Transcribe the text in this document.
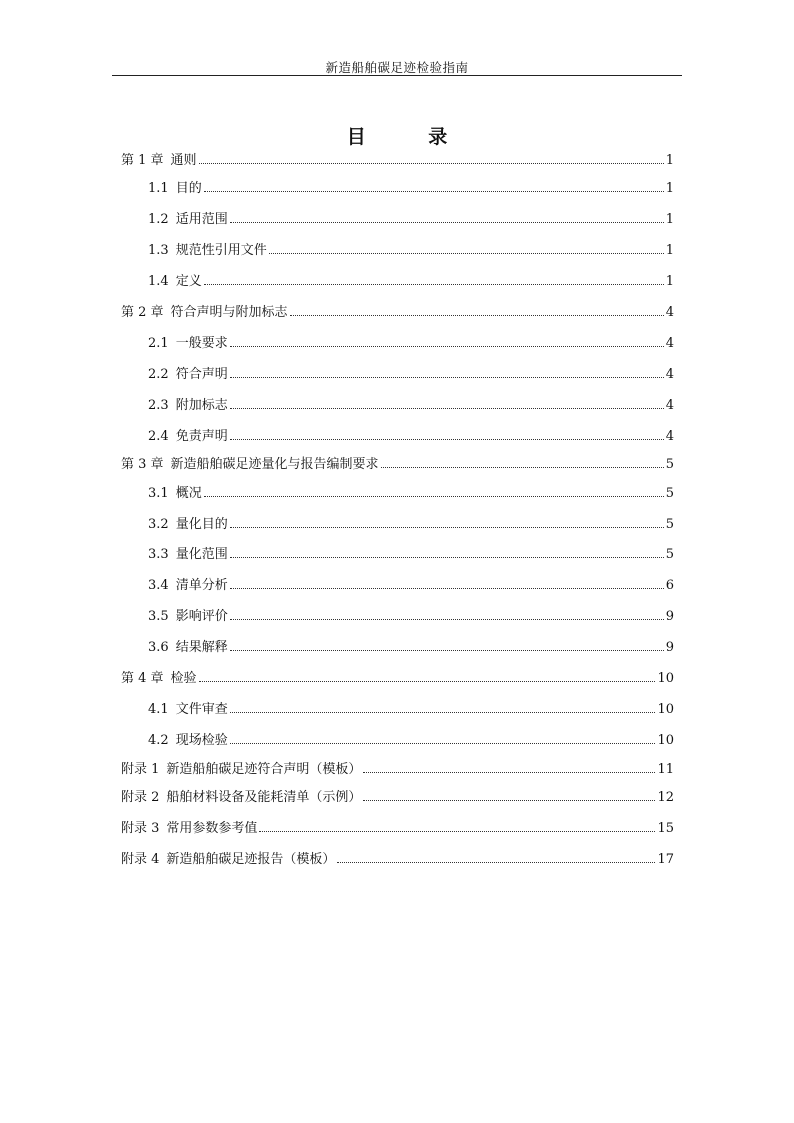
新造船舶碳足迹检验指南
目 录
第 1 章 通则	1
1.1 目的	1
1.2 适用范围	1
1.3 规范性引用文件	1
1.4 定义	1
第 2 章 符合声明与附加标志	4
2.1 一般要求	4
2.2 符合声明	4
2.3 附加标志	4
2.4 免责声明	4
第 3 章 新造船舶碳足迹量化与报告编制要求	5
3.1 概况	5
3.2 量化目的	5
3.3 量化范围	5
3.4 清单分析	6
3.5 影响评价	9
3.6 结果解释	9
第 4 章 检验	10
4.1 文件审查	10
4.2 现场检验	10
附录 1 新造船舶碳足迹符合声明（模板）	11
附录 2 船舶材料设备及能耗清单（示例）	12
附录 3 常用参数参考值	15
附录 4 新造船舶碳足迹报告（模板）	17
